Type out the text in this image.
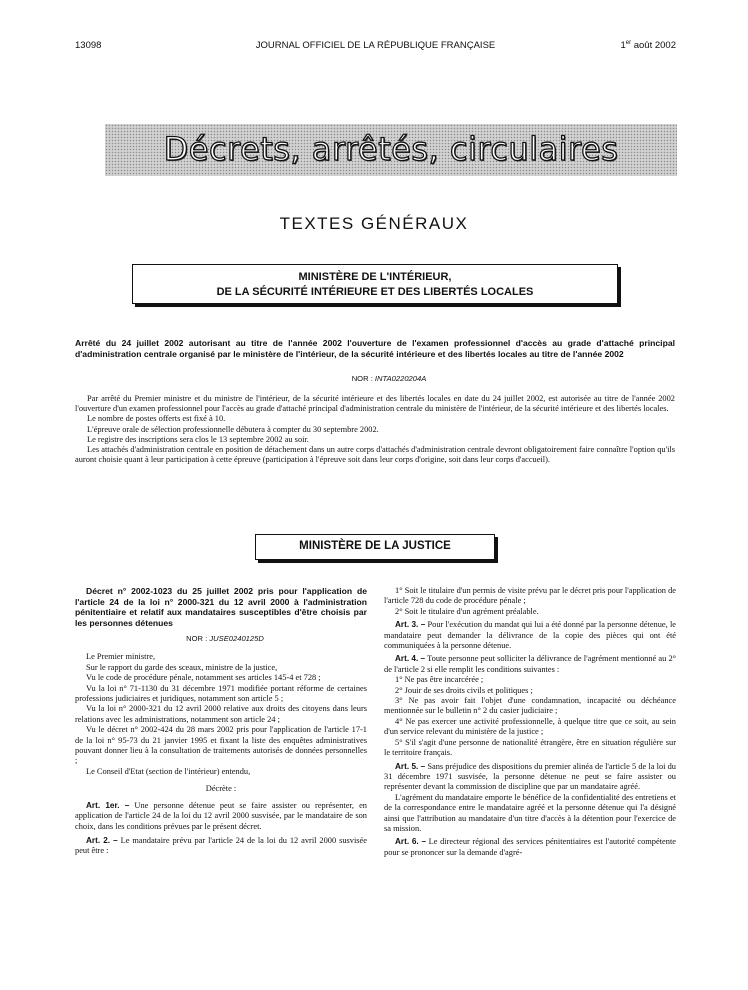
13098	JOURNAL OFFICIEL DE LA RÉPUBLIQUE FRANÇAISE	1er août 2002
Décrets, arrêtés, circulaires
TEXTES GÉNÉRAUX
MINISTÈRE DE L'INTÉRIEUR,
DE LA SÉCURITÉ INTÉRIEURE ET DES LIBERTÉS LOCALES
Arrêté du 24 juillet 2002 autorisant au titre de l'année 2002 l'ouverture de l'examen professionnel d'accès au grade d'attaché principal d'administration centrale organisé par le ministère de l'intérieur, de la sécurité intérieure et des libertés locales au titre de l'année 2002
NOR : INTA0220204A

Par arrêté du Premier ministre et du ministre de l'intérieur, de la sécurité intérieure et des libertés locales en date du 24 juillet 2002, est autorisée au titre de l'année 2002 l'ouverture d'un examen professionnel pour l'accès au grade d'attaché principal d'administration centrale du ministère de l'intérieur, de la sécurité intérieure et des libertés locales.

Le nombre de postes offerts est fixé à 10.

L'épreuve orale de sélection professionnelle débutera à compter du 30 septembre 2002.

Le registre des inscriptions sera clos le 13 septembre 2002 au soir.

Les attachés d'administration centrale en position de détachement dans un autre corps d'attachés d'administration centrale devront obligatoirement faire connaître l'option qu'ils auront choisie quant à leur participation à cette épreuve (participation à l'épreuve soit dans leur corps d'origine, soit dans leur corps d'accueil).

MINISTÈRE DE LA JUSTICE

Décret n° 2002-1023 du 25 juillet 2002 pris pour l'application de l'article 24 de la loi n° 2000-321 du 12 avril 2000 à l'administration pénitentiaire et relatif aux mandataires susceptibles d'être choisis par les personnes détenues

NOR : JUSE0240125D

Le Premier ministre,

Sur le rapport du garde des sceaux, ministre de la justice,

Vu le code de procédure pénale, notamment ses articles 145-4 et 728 ;

Vu la loi n° 71-1130 du 31 décembre 1971 modifiée portant réforme de certaines professions judiciaires et juridiques, notamment son article 5 ;

Vu la loi n° 2000-321 du 12 avril 2000 relative aux droits des citoyens dans leurs relations avec les administrations, notamment son article 24 ;

Vu le décret n° 2002-424 du 28 mars 2002 pris pour l'application de l'article 17-1 de la loi n° 95-73 du 21 janvier 1995 et fixant la liste des enquêtes administratives pouvant donner lieu à la consultation de traitements autorisés de données personnelles ;

Le Conseil d'Etat (section de l'intérieur) entendu,

Décrète :

Art. 1er. – Une personne détenue peut se faire assister ou représenter, en application de l'article 24 de la loi du 12 avril 2000 susvisée, par le mandataire de son choix, dans les conditions prévues par le présent décret.

Art. 2. – Le mandataire prévu par l'article 24 de la loi du 12 avril 2000 susvisée peut être :

1° Soit le titulaire d'un permis de visite prévu par le décret pris pour l'application de l'article 728 du code de procédure pénale ;

2° Soit le titulaire d'un agrément préalable.

Art. 3. – Pour l'exécution du mandat qui lui a été donné par la personne détenue, le mandataire peut demander la délivrance de la copie des pièces qui ont été communiquées à la personne détenue.

Art. 4. – Toute personne peut solliciter la délivrance de l'agrément mentionné au 2° de l'article 2 si elle remplit les conditions suivantes :

1° Ne pas être incarcérée ;

2° Jouir de ses droits civils et politiques ;

3° Ne pas avoir fait l'objet d'une condamnation, incapacité ou déchéance mentionnée sur le bulletin n° 2 du casier judiciaire ;

4° Ne pas exercer une activité professionnelle, à quelque titre que ce soit, au sein d'un service relevant du ministère de la justice ;

5° S'il s'agit d'une personne de nationalité étrangère, être en situation régulière sur le territoire français.

Art. 5. – Sans préjudice des dispositions du premier alinéa de l'article 5 de la loi du 31 décembre 1971 susvisée, la personne détenue ne peut se faire assister ou représenter devant la commission de discipline que par un mandataire agréé.

L'agrément du mandataire emporte le bénéfice de la confidentialité des entretiens et de la correspondance entre le mandataire agréé et la personne détenue qui l'a désigné ainsi que l'attribution au mandataire d'un titre d'accès à la détention pour l'exercice de sa mission.

Art. 6. – Le directeur régional des services pénitentiaires est l'autorité compétente pour se prononcer sur la demande d'agré-
